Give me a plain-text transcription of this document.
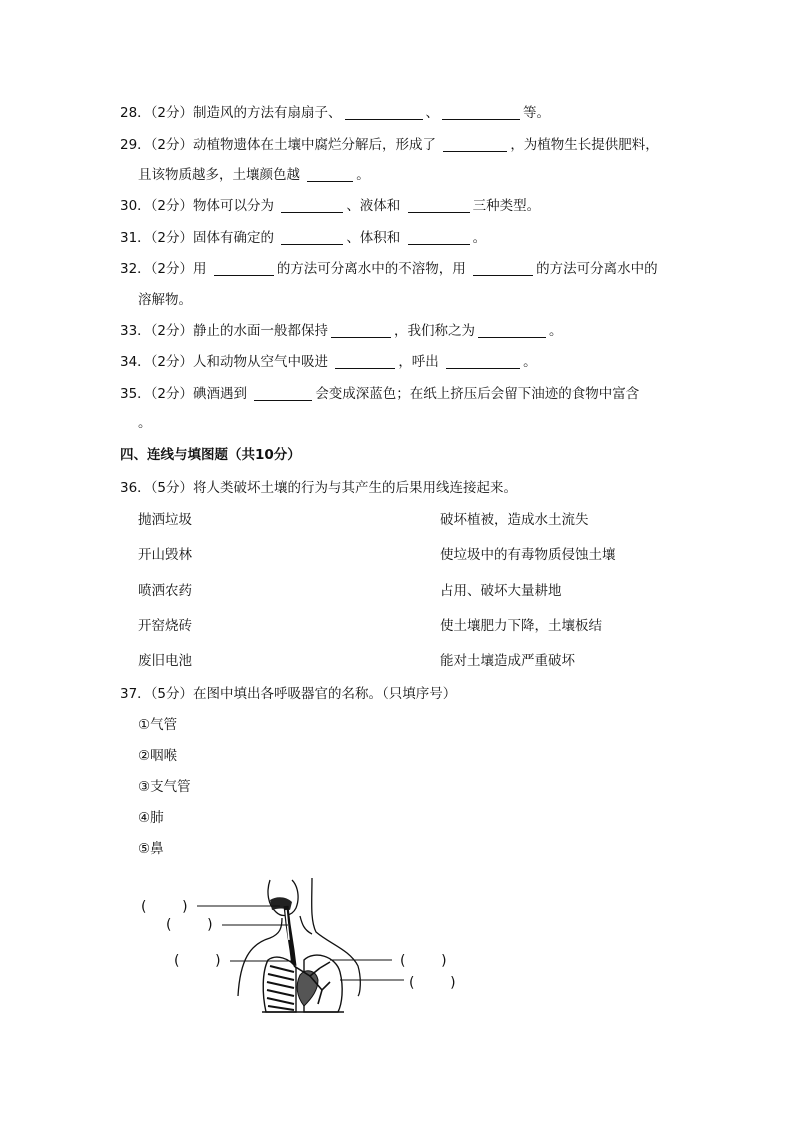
28．（2分）制造风的方法有扇扇子、	、	等。
29．（2分）动植物遗体在土壤中腐烂分解后，形成了	，为植物生长提供肥料，
且该物质越多，土壤颜色越	。
30．（2分）物体可以分为	、液体和	三种类型。
31．（2分）固体有确定的	、体积和	。
32．（2分）用	的方法可分离水中的不溶物，用	的方法可分离水中的
溶解物。
33．（2分）静止的水面一般都保持	，我们称之为	。
34．（2分）人和动物从空气中吸进	，呼出	。
35．（2分）碘酒遇到	会变成深蓝色；在纸上挤压后会留下油迹的食物中富含
。
四、连线与填图题（共10分）
36．（5分）将人类破坏土壤的行为与其产生的后果用线连接起来。
抛洒垃圾
开山毁林
喷洒农药
开窑烧砖
废旧电池
破坏植被，造成水土流失
使垃圾中的有毒物质侵蚀土壤
占用、破坏大量耕地
使土壤肥力下降，土壤板结
能对土壤造成严重破坏
37．（5分）在图中填出各呼吸器官的名称。（只填序号）
①气管
②咽喉
③支气管
④肺
⑤鼻
(        )
(        )
(        )	(        )
(        )
